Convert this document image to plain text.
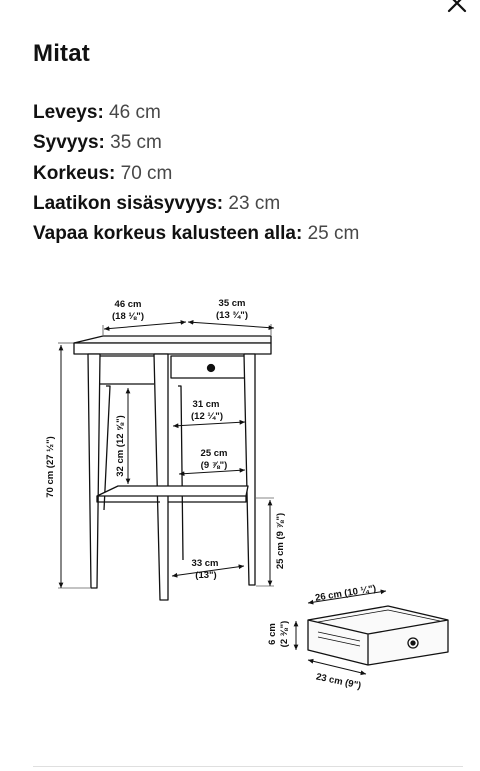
Mitat
Leveys: 46 cm
Syvyys: 35 cm
Korkeus: 70 cm
Laatikon sisäsyvyys: 23 cm
Vapaa korkeus kalusteen alla: 25 cm
46 cm
(18 ⅛")
35 cm
(13 ¾")
70 cm (27 ½")	32 cm (12 ⅝")
31 cm
(12 ¼")
25 cm
(9 ⅞")
25 cm (9 ⅞")
33 cm
(13")
26 cm (10 ¼")
6 cm (2 ⅜")
23 cm (9")
